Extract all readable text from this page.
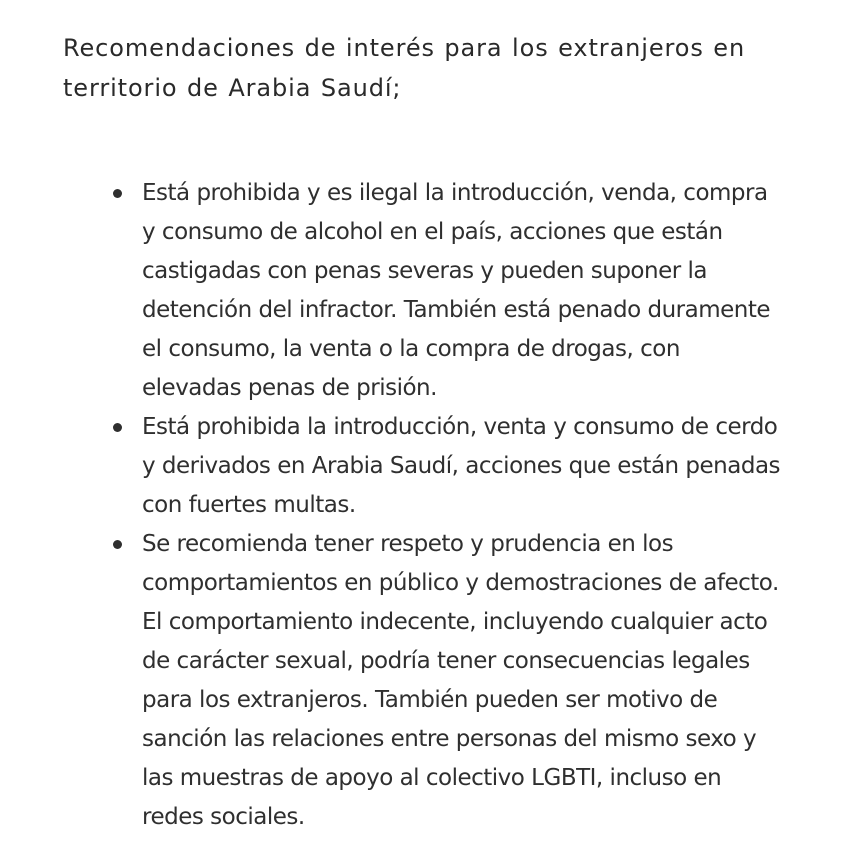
Recomendaciones de interés para los extranjeros en territorio de Arabia Saudí;
Está prohibida y es ilegal la introducción, venda, compra y consumo de alcohol en el país, acciones que están castigadas con penas severas y pueden suponer la detención del infractor. También está penado duramente el consumo, la venta o la compra de drogas, con elevadas penas de prisión.
Está prohibida la introducción, venta y consumo de cerdo y derivados en Arabia Saudí, acciones que están penadas con fuertes multas.
Se recomienda tener respeto y prudencia en los comportamientos en público y demostraciones de afecto. El comportamiento indecente, incluyendo cualquier acto de carácter sexual, podría tener consecuencias legales para los extranjeros. También pueden ser motivo de sanción las relaciones entre personas del mismo sexo y las muestras de apoyo al colectivo LGBTI, incluso en redes sociales.
